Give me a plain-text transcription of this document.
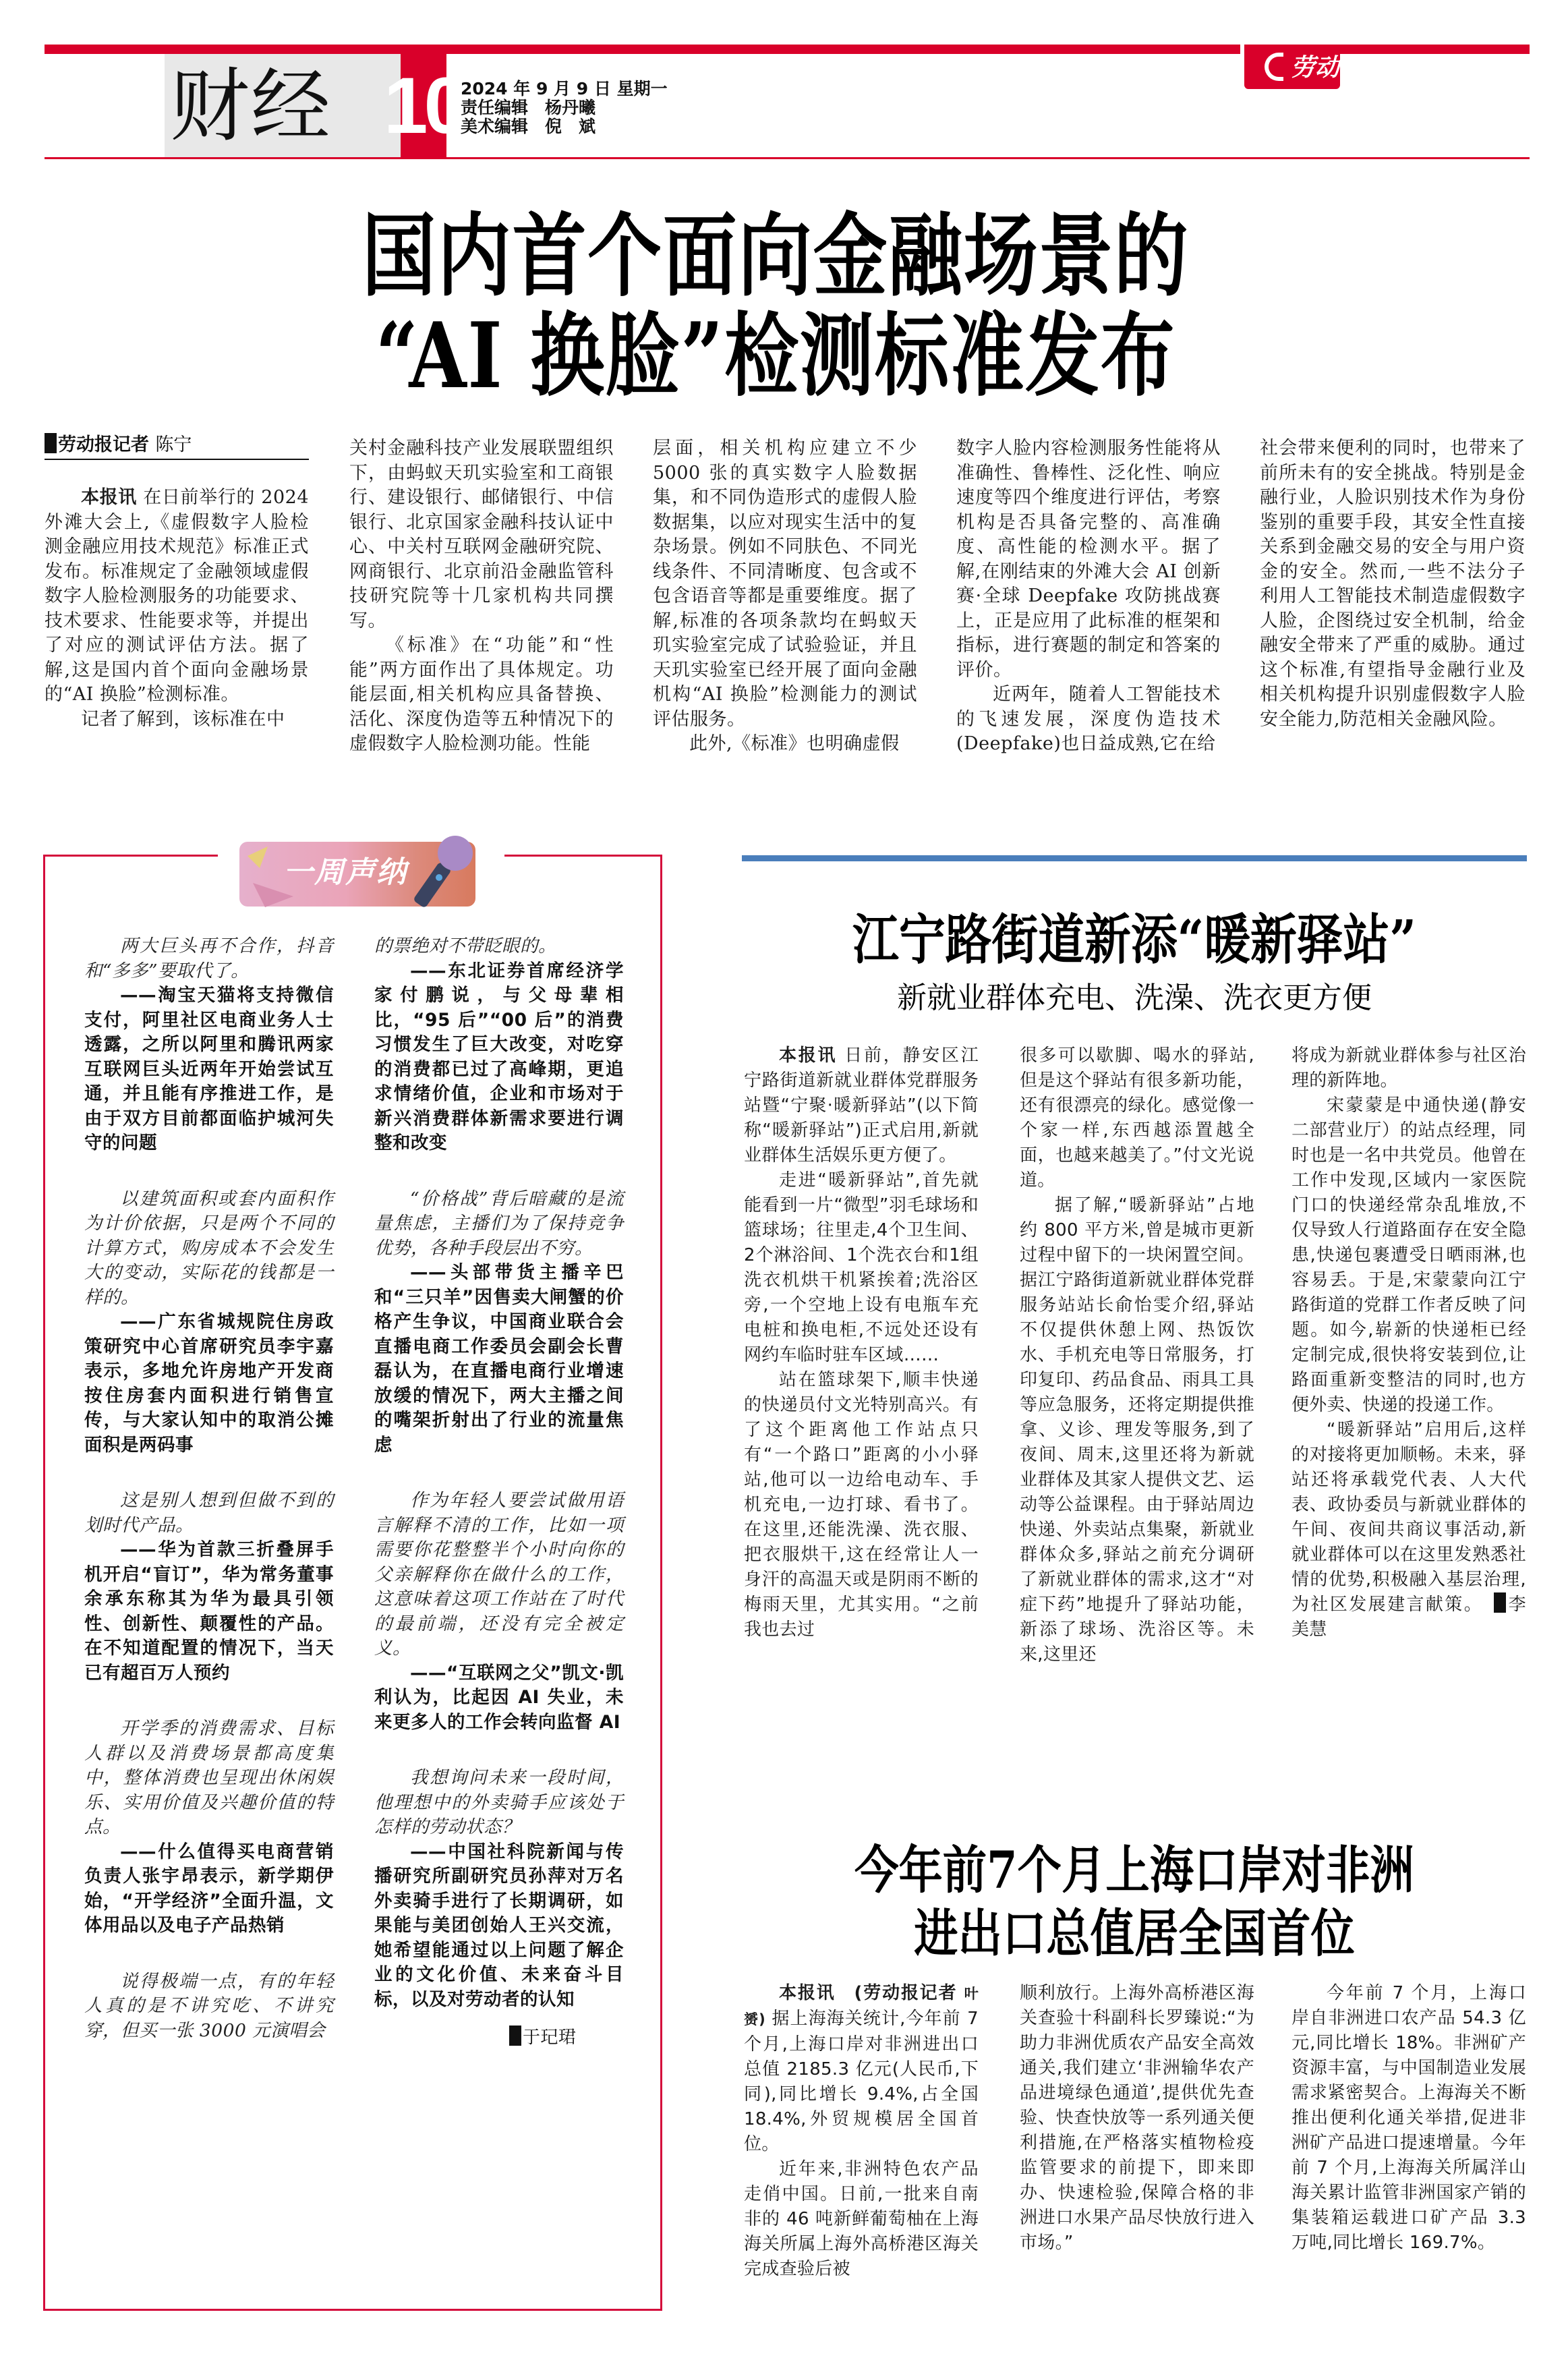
财经 10
2024 年 9 月 9 日 星期一
责任编辑　杨丹曦
美术编辑　倪　斌
劳动报
国内首个面向金融场景的
“AI 换脸”检测标准发布
劳动报记者 陈宁

本报讯 在日前举行的 2024 外滩大会上,《虚假数字人脸检测金融应用技术规范》标准正式发布。标准规定了金融领域虚假数字人脸检测服务的功能要求、技术要求、性能要求等，并提出了对应的测试评估方法。据了解,这是国内首个面向金融场景的“AI 换脸”检测标准。

记者了解到，该标准在中

关村金融科技产业发展联盟组织下，由蚂蚁天玑实验室和工商银行、建设银行、邮储银行、中信银行、北京国家金融科技认证中心、中关村互联网金融研究院、网商银行、北京前沿金融监管科技研究院等十几家机构共同撰写。

《标准》在“功能”和“性能”两方面作出了具体规定。功能层面,相关机构应具备替换、活化、深度伪造等五种情况下的虚假数字人脸检测功能。性能

层面，相关机构应建立不少 5000 张的真实数字人脸数据集，和不同伪造形式的虚假人脸数据集，以应对现实生活中的复杂场景。例如不同肤色、不同光线条件、不同清晰度、包含或不包含语音等都是重要维度。据了解,标准的各项条款均在蚂蚁天玑实验室完成了试验验证，并且天玑实验室已经开展了面向金融机构“AI 换脸”检测能力的测试评估服务。

此外,《标准》也明确虚假

数字人脸内容检测服务性能将从准确性、鲁棒性、泛化性、响应速度等四个维度进行评估，考察机构是否具备完整的、高准确度、高性能的检测水平。据了解,在刚结束的外滩大会 AI 创新赛·全球 Deepfake 攻防挑战赛上，正是应用了此标准的框架和指标，进行赛题的制定和答案的评价。

近两年，随着人工智能技术的飞速发展，深度伪造技术(Deepfake)也日益成熟,它在给

社会带来便利的同时，也带来了前所未有的安全挑战。特别是金融行业，人脸识别技术作为身份鉴别的重要手段，其安全性直接关系到金融交易的安全与用户资金的安全。然而,一些不法分子利用人工智能技术制造虚假数字人脸，企图绕过安全机制，给金融安全带来了严重的威胁。通过这个标准,有望指导金融行业及相关机构提升识别虚假数字人脸安全能力,防范相关金融风险。

一周声纳

两大巨头再不合作，抖音和“多多”要取代了。

——淘宝天猫将支持微信支付，阿里社区电商业务人士透露，之所以阿里和腾讯两家互联网巨头近两年开始尝试互通，并且能有序推进工作，是由于双方目前都面临护城河失守的问题

以建筑面积或套内面积作为计价依据，只是两个不同的计算方式，购房成本不会发生大的变动，实际花的钱都是一样的。

——广东省城规院住房政策研究中心首席研究员李宇嘉表示，多地允许房地产开发商按住房套内面积进行销售宣传，与大家认知中的取消公摊面积是两码事

这是别人想到但做不到的划时代产品。

——华为首款三折叠屏手机开启“盲订”，华为常务董事余承东称其为华为最具引领性、创新性、颠覆性的产品。在不知道配置的情况下，当天已有超百万人预约

开学季的消费需求、目标人群以及消费场景都高度集中，整体消费也呈现出休闲娱乐、实用价值及兴趣价值的特点。

——什么值得买电商营销负责人张宇昂表示，新学期伊始，“开学经济”全面升温，文体用品以及电子产品热销

说得极端一点，有的年轻人真的是不讲究吃、不讲究穿，但买一张 3000 元演唱会

的票绝对不带眨眼的。

——东北证券首席经济学家付鹏说，与父母辈相比，“95 后”“00 后”的消费习惯发生了巨大改变，对吃穿的消费都已过了高峰期，更追求情绪价值，企业和市场对于新兴消费群体新需求要进行调整和改变

“价格战”背后暗藏的是流量焦虑，主播们为了保持竞争优势，各种手段层出不穷。

——头部带货主播辛巴和“三只羊”因售卖大闸蟹的价格产生争议，中国商业联合会直播电商工作委员会副会长曹磊认为，在直播电商行业增速放缓的情况下，两大主播之间的嘴架折射出了行业的流量焦虑

作为年轻人要尝试做用语言解释不清的工作，比如一项需要你花整整半个小时向你的父亲解释你在做什么的工作，这意味着这项工作站在了时代的最前端，还没有完全被定义。

——“互联网之父”凯文·凯利认为，比起因 AI 失业，未来更多人的工作会转向监督 AI

我想询问未来一段时间，他理想中的外卖骑手应该处于怎样的劳动状态？

——中国社科院新闻与传播研究所副研究员孙萍对万名外卖骑手进行了长期调研，如果能与美团创始人王兴交流，她希望能通过以上问题了解企业的文化价值、未来奋斗目标，以及对劳动者的认知

于玘珺
江宁路街道新添“暖新驿站”
新就业群体充电、洗澡、洗衣更方便

本报讯 日前，静安区江宁路街道新就业群体党群服务站暨“宁聚·暖新驿站”(以下简称“暖新驿站”)正式启用,新就业群体生活娱乐更方便了。

走进“暖新驿站”,首先就能看到一片“微型”羽毛球场和篮球场；往里走,4个卫生间、2个淋浴间、1个洗衣台和1组洗衣机烘干机紧挨着;洗浴区旁,一个空地上设有电瓶车充电桩和换电柜,不远处还设有网约车临时驻车区域……

站在篮球架下,顺丰快递的快递员付文光特别高兴。有了这个距离他工作站点只有“一个路口”距离的小小驿站,他可以一边给电动车、手机充电,一边打球、看书了。在这里,还能洗澡、洗衣服、把衣服烘干,这在经常让人一身汗的高温天或是阴雨不断的梅雨天里，尤其实用。“之前我也去过

很多可以歇脚、喝水的驿站,但是这个驿站有很多新功能，还有很漂亮的绿化。感觉像一个家一样,东西越添置越全面，也越来越美了。”付文光说道。

据了解,“暖新驿站”占地约 800 平方米,曾是城市更新过程中留下的一块闲置空间。据江宁路街道新就业群体党群服务站站长俞怡雯介绍,驿站不仅提供休憩上网、热饭饮水、手机充电等日常服务，打印复印、药品食品、雨具工具等应急服务，还将定期提供推拿、义诊、理发等服务,到了夜间、周末,这里还将为新就业群体及其家人提供文艺、运动等公益课程。由于驿站周边快递、外卖站点集聚，新就业群体众多,驿站之前充分调研了新就业群体的需求,这才“对症下药”地提升了驿站功能，新添了球场、洗浴区等。未来,这里还

将成为新就业群体参与社区治理的新阵地。

宋蒙蒙是中通快递(静安二部营业厅）的站点经理，同时也是一名中共党员。他曾在工作中发现,区域内一家医院门口的快递经常杂乱堆放,不仅导致人行道路面存在安全隐患,快递包裹遭受日晒雨淋,也容易丢。于是,宋蒙蒙向江宁路街道的党群工作者反映了问题。如今,崭新的快递柜已经定制完成,很快将安装到位,让路面重新变整洁的同时,也方便外卖、快递的投递工作。

“暖新驿站”启用后,这样的对接将更加顺畅。未来，驿站还将承载党代表、人大代表、政协委员与新就业群体的午间、夜间共商议事活动,新就业群体可以在这里发熟悉社情的优势,积极融入基层治理,为社区发展建言献策。　 李美慧

今年前7个月上海口岸对非洲
进出口总值居全国首位

本报讯　(劳动报记者 叶赟) 据上海海关统计,今年前 7 个月,上海口岸对非洲进出口总值 2185.3 亿元(人民币,下同),同比增长 9.4%,占全国 18.4%,外贸规模居全国首位。

近年来,非洲特色农产品走俏中国。日前,一批来自南非的 46 吨新鲜葡萄柚在上海海关所属上海外高桥港区海关完成查验后被

顺利放行。上海外高桥港区海关查验十科副科长罗臻说:“为助力非洲优质农产品安全高效通关,我们建立‘非洲输华农产品进境绿色通道’,提供优先查验、快查快放等一系列通关便利措施,在严格落实植物检疫监管要求的前提下，即来即办、快速检验,保障合格的非洲进口水果产品尽快放行进入市场。”

今年前 7 个月，上海口岸自非洲进口农产品 54.3 亿元,同比增长 18%。非洲矿产资源丰富，与中国制造业发展需求紧密契合。上海海关不断推出便利化通关举措,促进非洲矿产品进口提速增量。今年前 7 个月,上海海关所属洋山海关累计监管非洲国家产销的集装箱运载进口矿产品 3.3 万吨,同比增长 169.7%。
